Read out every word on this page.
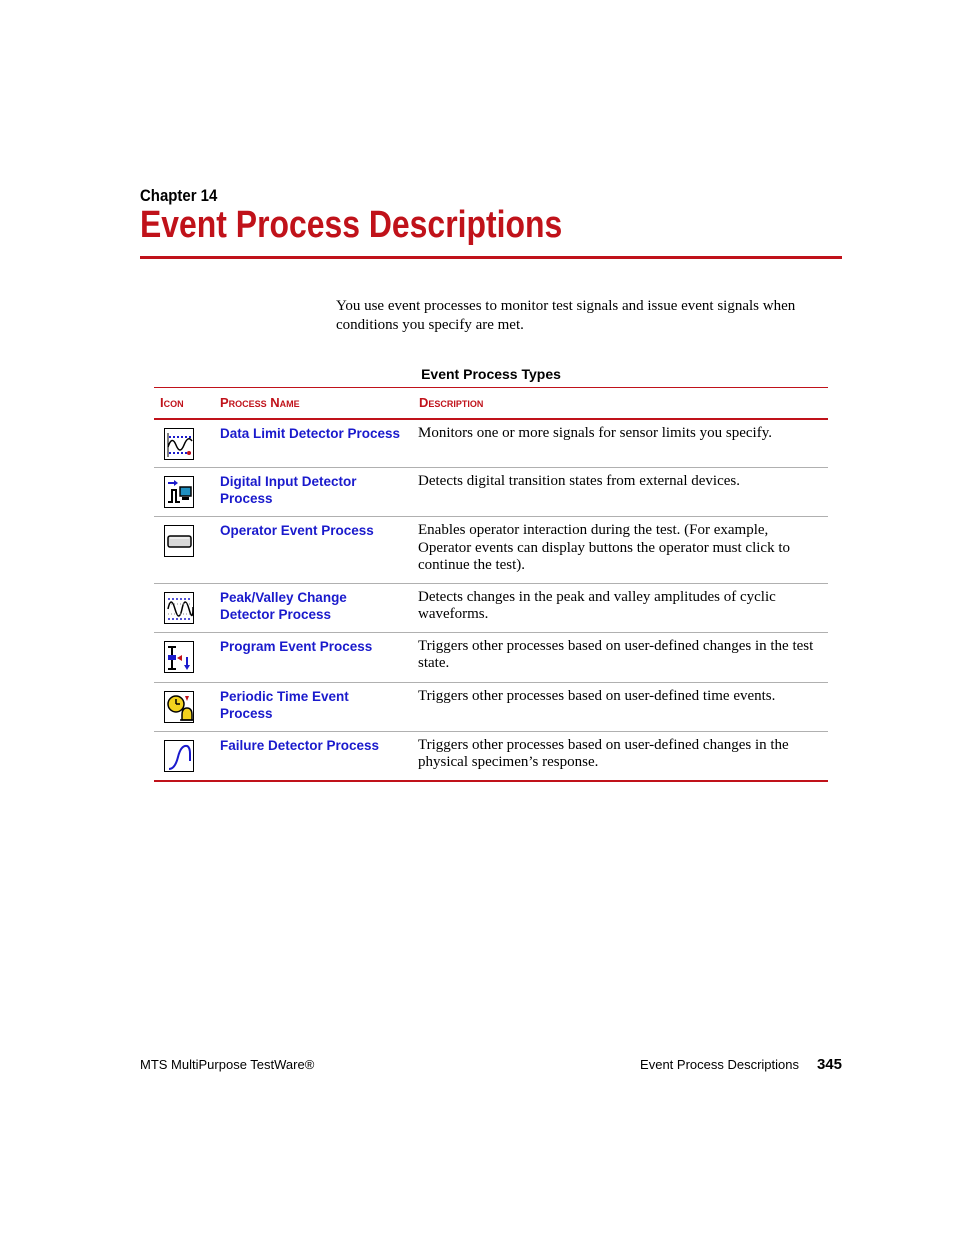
Chapter 14
Event Process Descriptions

You use event processes to monitor test signals and issue event signals when conditions you specify are met.

Event Process Types
Icon	Process Name	Description

	Data Limit Detector Process	Monitors one or more signals for sensor limits you specify.

	Digital Input Detector Process	Detects digital transition states from external devices.

	Operator Event Process	Enables operator interaction during the test. (For example, Operator events can display buttons the operator must click to continue the test).

	Peak/Valley Change Detector Process	Detects changes in the peak and valley amplitudes of cyclic waveforms.

	Program Event Process	Triggers other processes based on user-defined changes in the test state.

	Periodic Time Event Process	Triggers other processes based on user-defined time events.

	Failure Detector Process	Triggers other processes based on user-defined changes in the physical specimen’s response.
MTS MultiPurpose TestWare®	Event Process Descriptions 345
